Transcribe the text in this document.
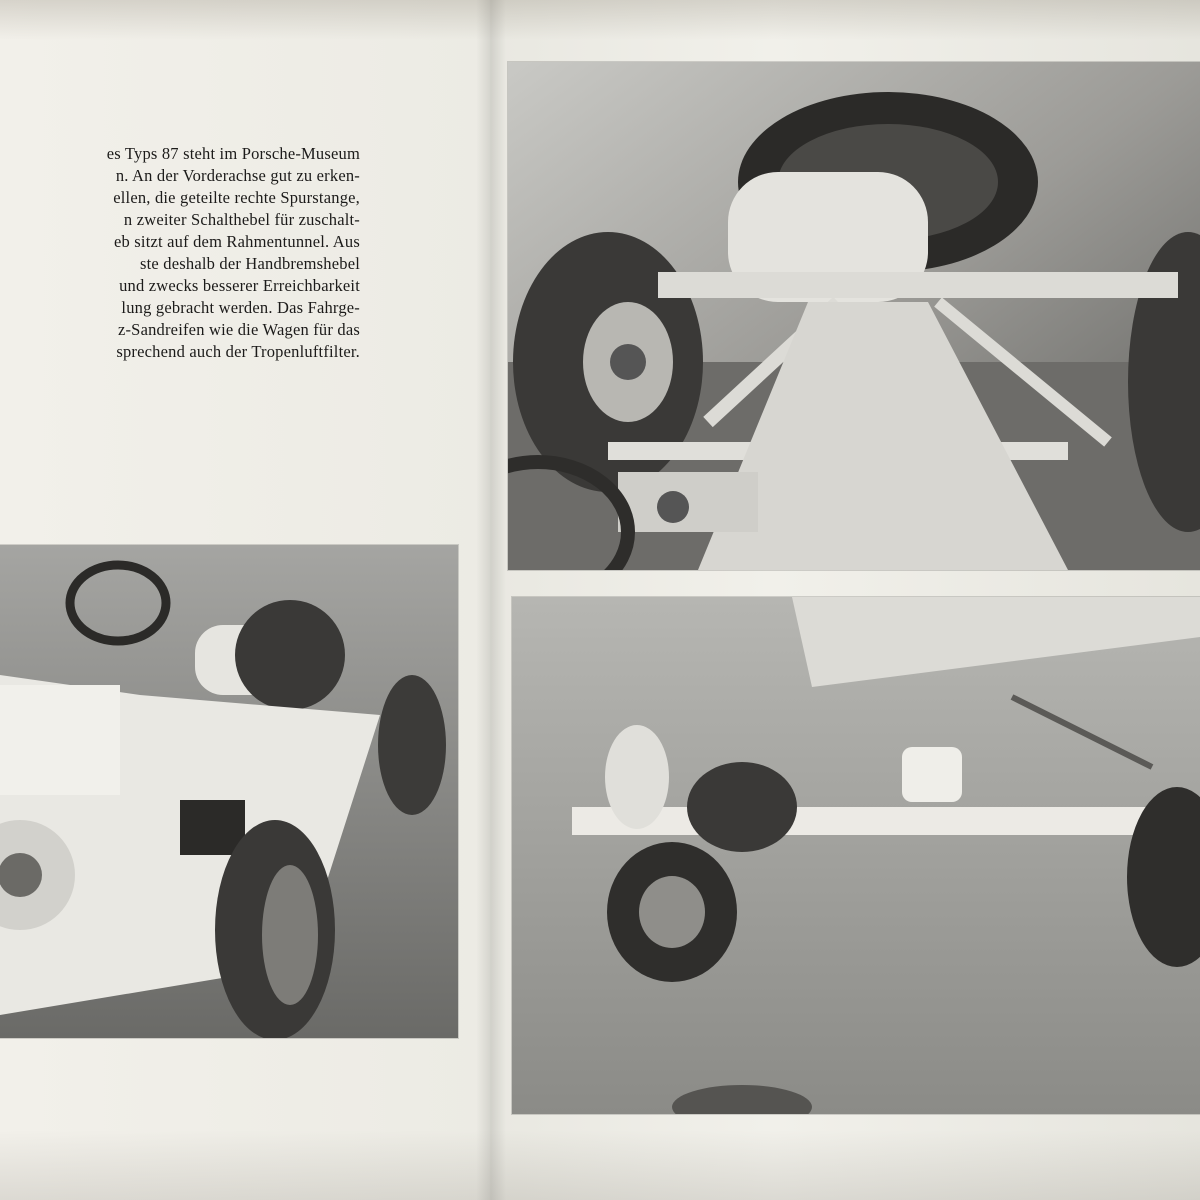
es Typs 87 steht im Porsche-Museum
n. An der Vorderachse gut zu erken-
ellen, die geteilte rechte Spurstange,
n zweiter Schalthebel für zuschalt-
eb sitzt auf dem Rahmentunnel. Aus
ste deshalb der Handbremshebel
und zwecks besserer Erreichbarkeit
lung gebracht werden. Das Fahrge-
z-Sandreifen wie die Wagen für das
sprechend auch der Tropenluftfilter.
